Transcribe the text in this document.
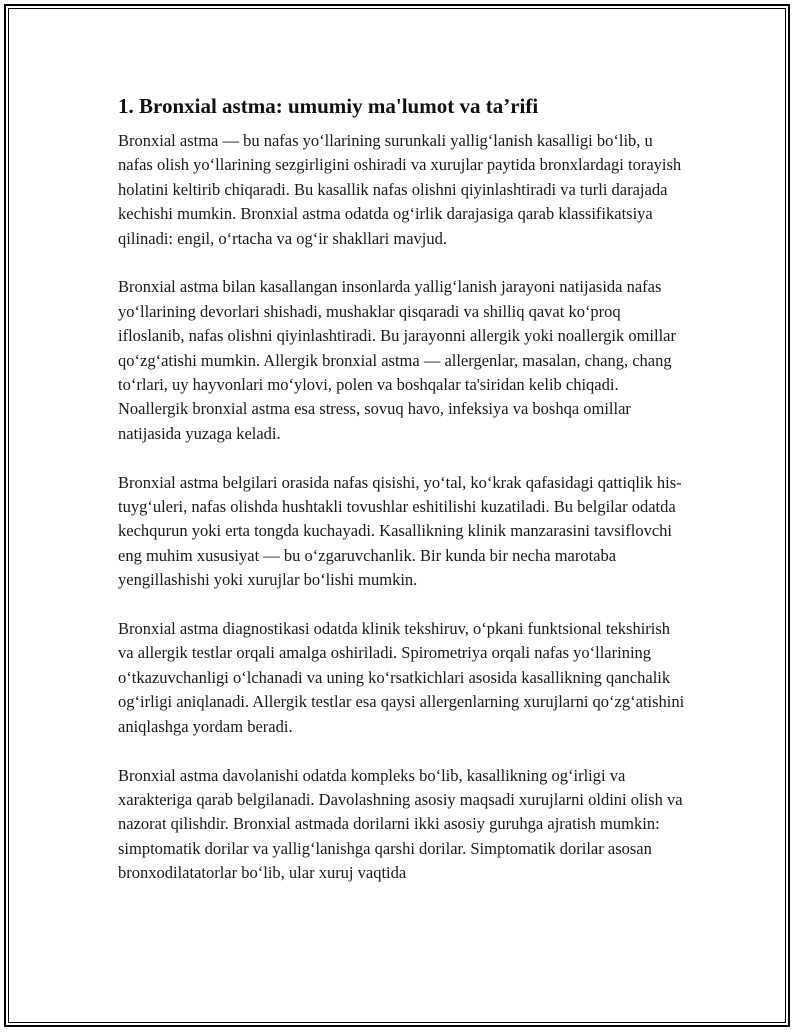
1. Bronxial astma: umumiy ma'lumot va ta’rifi

Bronxial astma — bu nafas yo‘llarining surunkali yallig‘lanish kasalligi bo‘lib, u nafas olish yo‘llarining sezgirligini oshiradi va xurujlar paytida bronxlardagi torayish holatini keltirib chiqaradi. Bu kasallik nafas olishni qiyinlashtiradi va turli darajada kechishi mumkin. Bronxial astma odatda og‘irlik darajasiga qarab klassifikatsiya qilinadi: engil, o‘rtacha va og‘ir shakllari mavjud.

Bronxial astma bilan kasallangan insonlarda yallig‘lanish jarayoni natijasida nafas yo‘llarining devorlari shishadi, mushaklar qisqaradi va shilliq qavat ko‘proq ifloslanib, nafas olishni qiyinlashtiradi. Bu jarayonni allergik yoki noallergik omillar qo‘zg‘atishi mumkin. Allergik bronxial astma — allergenlar, masalan, chang, chang to‘rlari, uy hayvonlari mo‘ylovi, polen va boshqalar ta'siridan kelib chiqadi. Noallergik bronxial astma esa stress, sovuq havo, infeksiya va boshqa omillar natijasida yuzaga keladi.

Bronxial astma belgilari orasida nafas qisishi, yo‘tal, ko‘krak qafasidagi qattiqlik his-tuyg‘uleri, nafas olishda hushtakli tovushlar eshitilishi kuzatiladi. Bu belgilar odatda kechqurun yoki erta tongda kuchayadi. Kasallikning klinik manzarasini tavsiflovchi eng muhim xususiyat — bu o‘zgaruvchanlik. Bir kunda bir necha marotaba yengillashishi yoki xurujlar bo‘lishi mumkin.

Bronxial astma diagnostikasi odatda klinik tekshiruv, o‘pkani funktsional tekshirish va allergik testlar orqali amalga oshiriladi. Spirometriya orqali nafas yo‘llarining o‘tkazuvchanligi o‘lchanadi va uning ko‘rsatkichlari asosida kasallikning qanchalik og‘irligi aniqlanadi. Allergik testlar esa qaysi allergenlarning xurujlarni qo‘zg‘atishini aniqlashga yordam beradi.

Bronxial astma davolanishi odatda kompleks bo‘lib, kasallikning og‘irligi va xarakteriga qarab belgilanadi. Davolashning asosiy maqsadi xurujlarni oldini olish va nazorat qilishdir. Bronxial astmada dorilarni ikki asosiy guruhga ajratish mumkin: simptomatik dorilar va yallig‘lanishga qarshi dorilar. Simptomatik dorilar asosan bronxodilatatorlar bo‘lib, ular xuruj vaqtida
